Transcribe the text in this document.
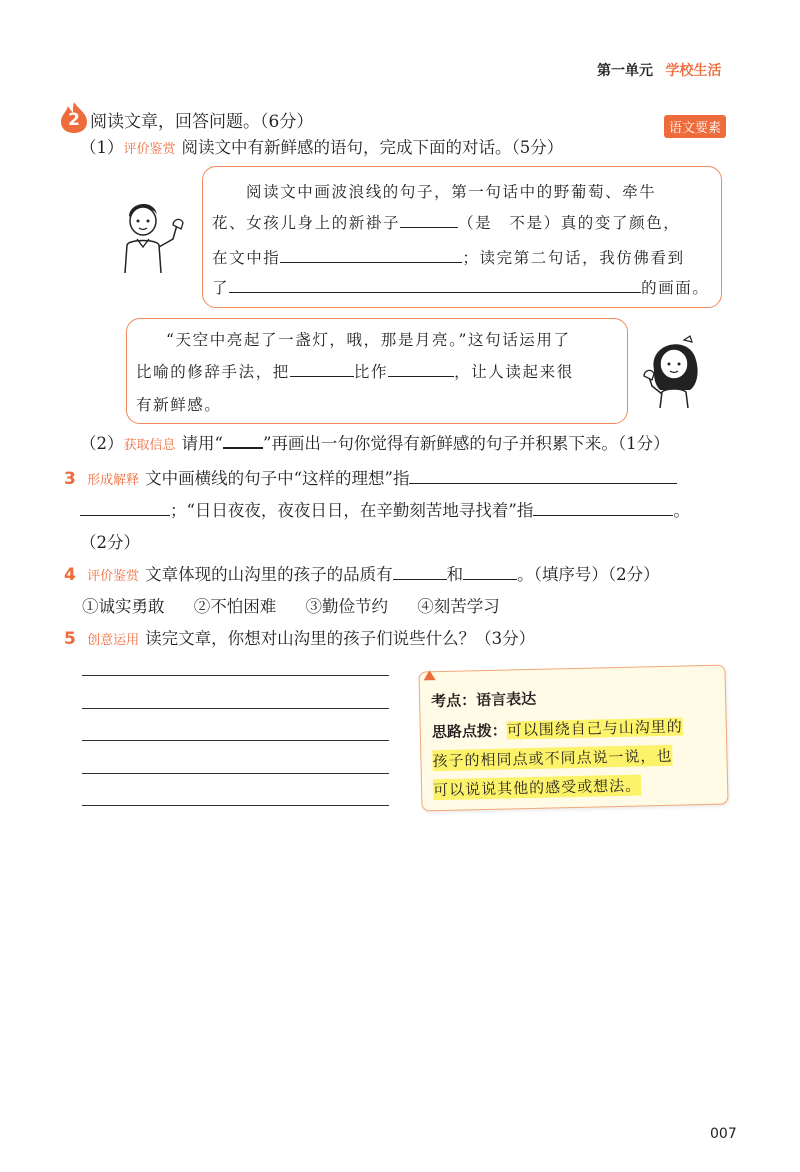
第一单元 学校生活
2 阅读文章，回答问题。（6分）	语文要素
（1）评价鉴赏 阅读文中有新鲜感的语句，完成下面的对话。（5分）
阅读文中画波浪线的句子，第一句话中的野葡萄、牵牛
花、女孩儿身上的新褂子	（是　不是）真的变了颜色，
在文中指	；读完第二句话，我仿佛看到
了	的画面。
“天空中亮起了一盏灯，哦，那是月亮。”这句话运用了
比喻的修辞手法，把	比作	，让人读起来很
有新鲜感。
（2）获取信息 请用“ ”再画出一句你觉得有新鲜感的句子并积累下来。（1分）
3 形成解释 文中画横线的句子中“这样的理想”指
；“日日夜夜，夜夜日日，在辛勤刻苦地寻找着”指	。
（2分）
4 评价鉴赏 文章体现的山沟里的孩子的品质有	和	。（填序号）（2分）
①诚实勇敢 ②不怕困难 ③勤俭节约 ④刻苦学习
5 创意运用 读完文章，你想对山沟里的孩子们说些什么？（3分）
考点：语言表达
思路点拨：可以围绕自己与山沟里的
孩子的相同点或不同点说一说，也
可以说说其他的感受或想法。
007
